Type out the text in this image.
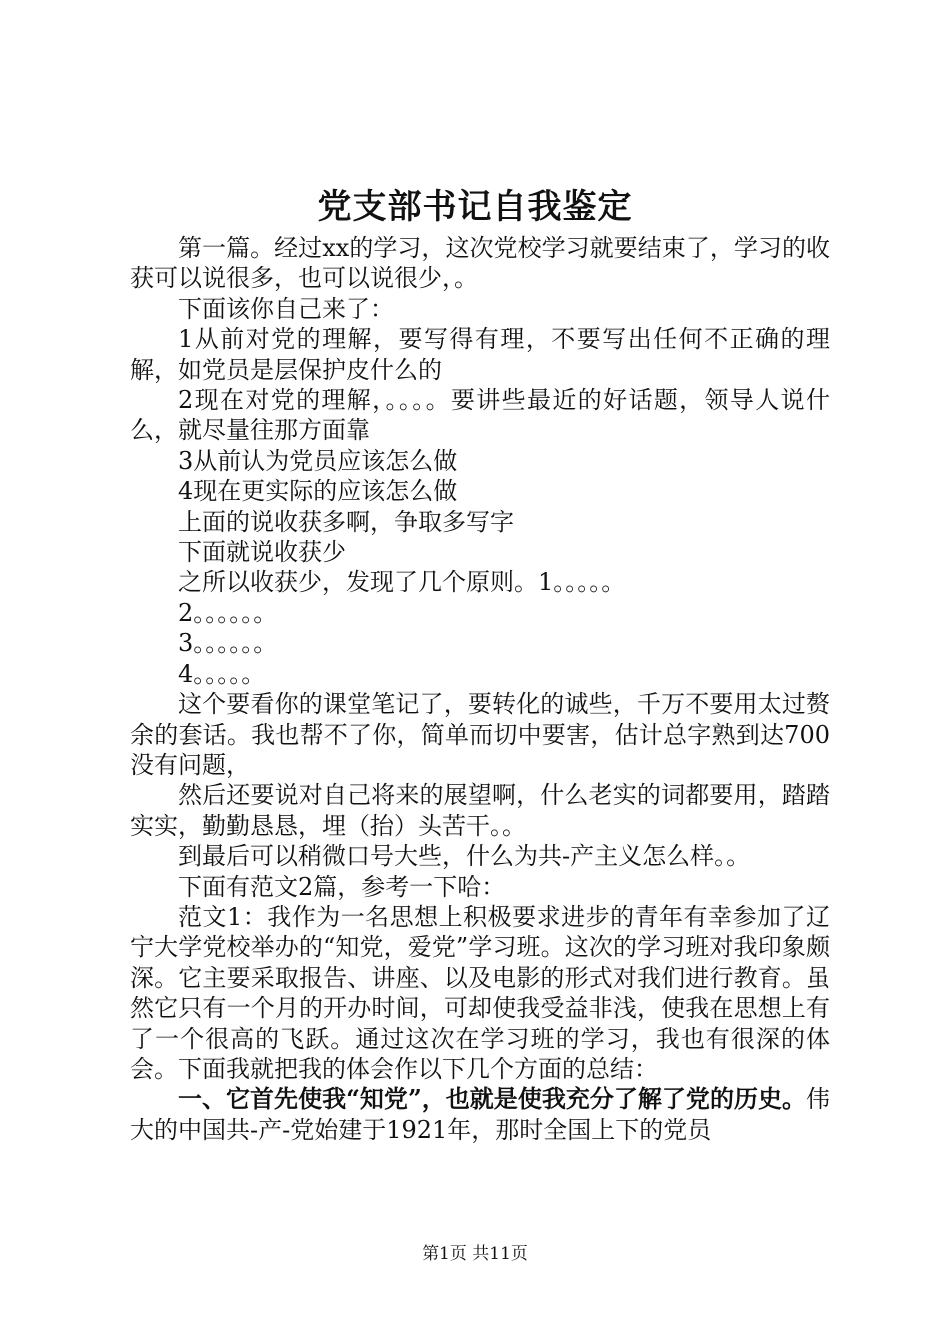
党支部书记自我鉴定

第一篇。经过xx的学习，这次党校学习就要结束了，学习的收获可以说很多，也可以说很少，。

下面该你自己来了：

1从前对党的理解，要写得有理，不要写出任何不正确的理解，如党员是层保护皮什么的

2现在对党的理解，。。。。要讲些最近的好话题，领导人说什么，就尽量往那方面靠

3从前认为党员应该怎么做

4现在更实际的应该怎么做

上面的说收获多啊，争取多写字

下面就说收获少

之所以收获少，发现了几个原则。1。。。。。

2。。。。。。

3。。。。。。

4。。。。。

这个要看你的课堂笔记了，要转化的诚些，千万不要用太过赘余的套话。我也帮不了你，简单而切中要害，估计总字熟到达700没有问题，

然后还要说对自己将来的展望啊，什么老实的词都要用，踏踏实实，勤勤恳恳，埋（抬）头苦干。。

到最后可以稍微口号大些，什么为共-产主义怎么样。。

下面有范文2篇，参考一下哈：

范文1：我作为一名思想上积极要求进步的青年有幸参加了辽宁大学党校举办的“知党，爱党”学习班。这次的学习班对我印象颇深。它主要采取报告、讲座、以及电影的形式对我们进行教育。虽然它只有一个月的开办时间，可却使我受益非浅，使我在思想上有了一个很高的飞跃。通过这次在学习班的学习，我也有很深的体会。下面我就把我的体会作以下几个方面的总结：

一、它首先使我“知党”，也就是使我充分了解了党的历史。伟大的中国共-产-党始建于1921年，那时全国上下的党员

第1页 共11页
